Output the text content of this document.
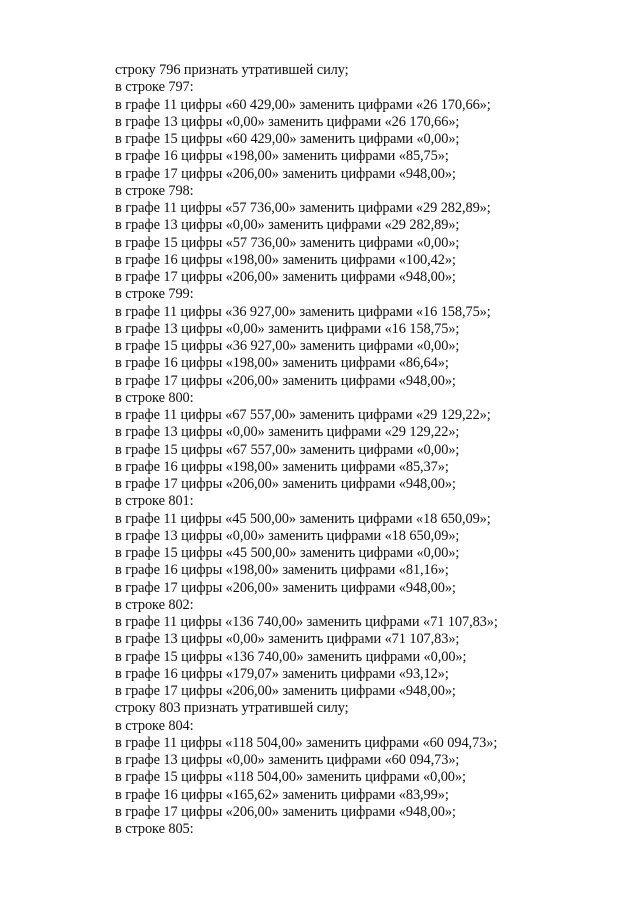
строку 796 признать утратившей силу;
в строке 797:
в графе 11 цифры «60 429,00» заменить цифрами «26 170,66»;
в графе 13 цифры «0,00» заменить цифрами «26 170,66»;
в графе 15 цифры «60 429,00» заменить цифрами «0,00»;
в графе 16 цифры «198,00» заменить цифрами «85,75»;
в графе 17 цифры «206,00» заменить цифрами «948,00»;
в строке 798:
в графе 11 цифры «57 736,00» заменить цифрами «29 282,89»;
в графе 13 цифры «0,00» заменить цифрами «29 282,89»;
в графе 15 цифры «57 736,00» заменить цифрами «0,00»;
в графе 16 цифры «198,00» заменить цифрами «100,42»;
в графе 17 цифры «206,00» заменить цифрами «948,00»;
в строке 799:
в графе 11 цифры «36 927,00» заменить цифрами «16 158,75»;
в графе 13 цифры «0,00» заменить цифрами «16 158,75»;
в графе 15 цифры «36 927,00» заменить цифрами «0,00»;
в графе 16 цифры «198,00» заменить цифрами «86,64»;
в графе 17 цифры «206,00» заменить цифрами «948,00»;
в строке 800:
в графе 11 цифры «67 557,00» заменить цифрами «29 129,22»;
в графе 13 цифры «0,00» заменить цифрами «29 129,22»;
в графе 15 цифры «67 557,00» заменить цифрами «0,00»;
в графе 16 цифры «198,00» заменить цифрами «85,37»;
в графе 17 цифры «206,00» заменить цифрами «948,00»;
в строке 801:
в графе 11 цифры «45 500,00» заменить цифрами «18 650,09»;
в графе 13 цифры «0,00» заменить цифрами «18 650,09»;
в графе 15 цифры «45 500,00» заменить цифрами «0,00»;
в графе 16 цифры «198,00» заменить цифрами «81,16»;
в графе 17 цифры «206,00» заменить цифрами «948,00»;
в строке 802:
в графе 11 цифры «136 740,00» заменить цифрами «71 107,83»;
в графе 13 цифры «0,00» заменить цифрами «71 107,83»;
в графе 15 цифры «136 740,00» заменить цифрами «0,00»;
в графе 16 цифры «179,07» заменить цифрами «93,12»;
в графе 17 цифры «206,00» заменить цифрами «948,00»;
строку 803 признать утратившей силу;
в строке 804:
в графе 11 цифры «118 504,00» заменить цифрами «60 094,73»;
в графе 13 цифры «0,00» заменить цифрами «60 094,73»;
в графе 15 цифры «118 504,00» заменить цифрами «0,00»;
в графе 16 цифры «165,62» заменить цифрами «83,99»;
в графе 17 цифры «206,00» заменить цифрами «948,00»;
в строке 805:
